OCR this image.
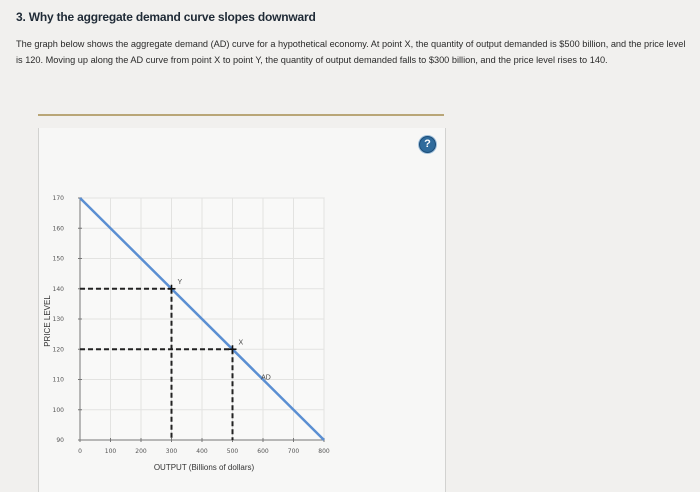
3. Why the aggregate demand curve slopes downward
The graph below shows the aggregate demand (AD) curve for a hypothetical economy. At point X, the quantity of output demanded is $500 billion, and the price level is 120. Moving up along the AD curve from point X to point Y, the quantity of output demanded falls to $300 billion, and the price level rises to 140.
?
90
100
110
120
130
140
150
160
170
0	100	200	300	400	500	600	700	800
OUTPUT (Billions of dollars)
PRICE LEVEL
AD
X
Y
